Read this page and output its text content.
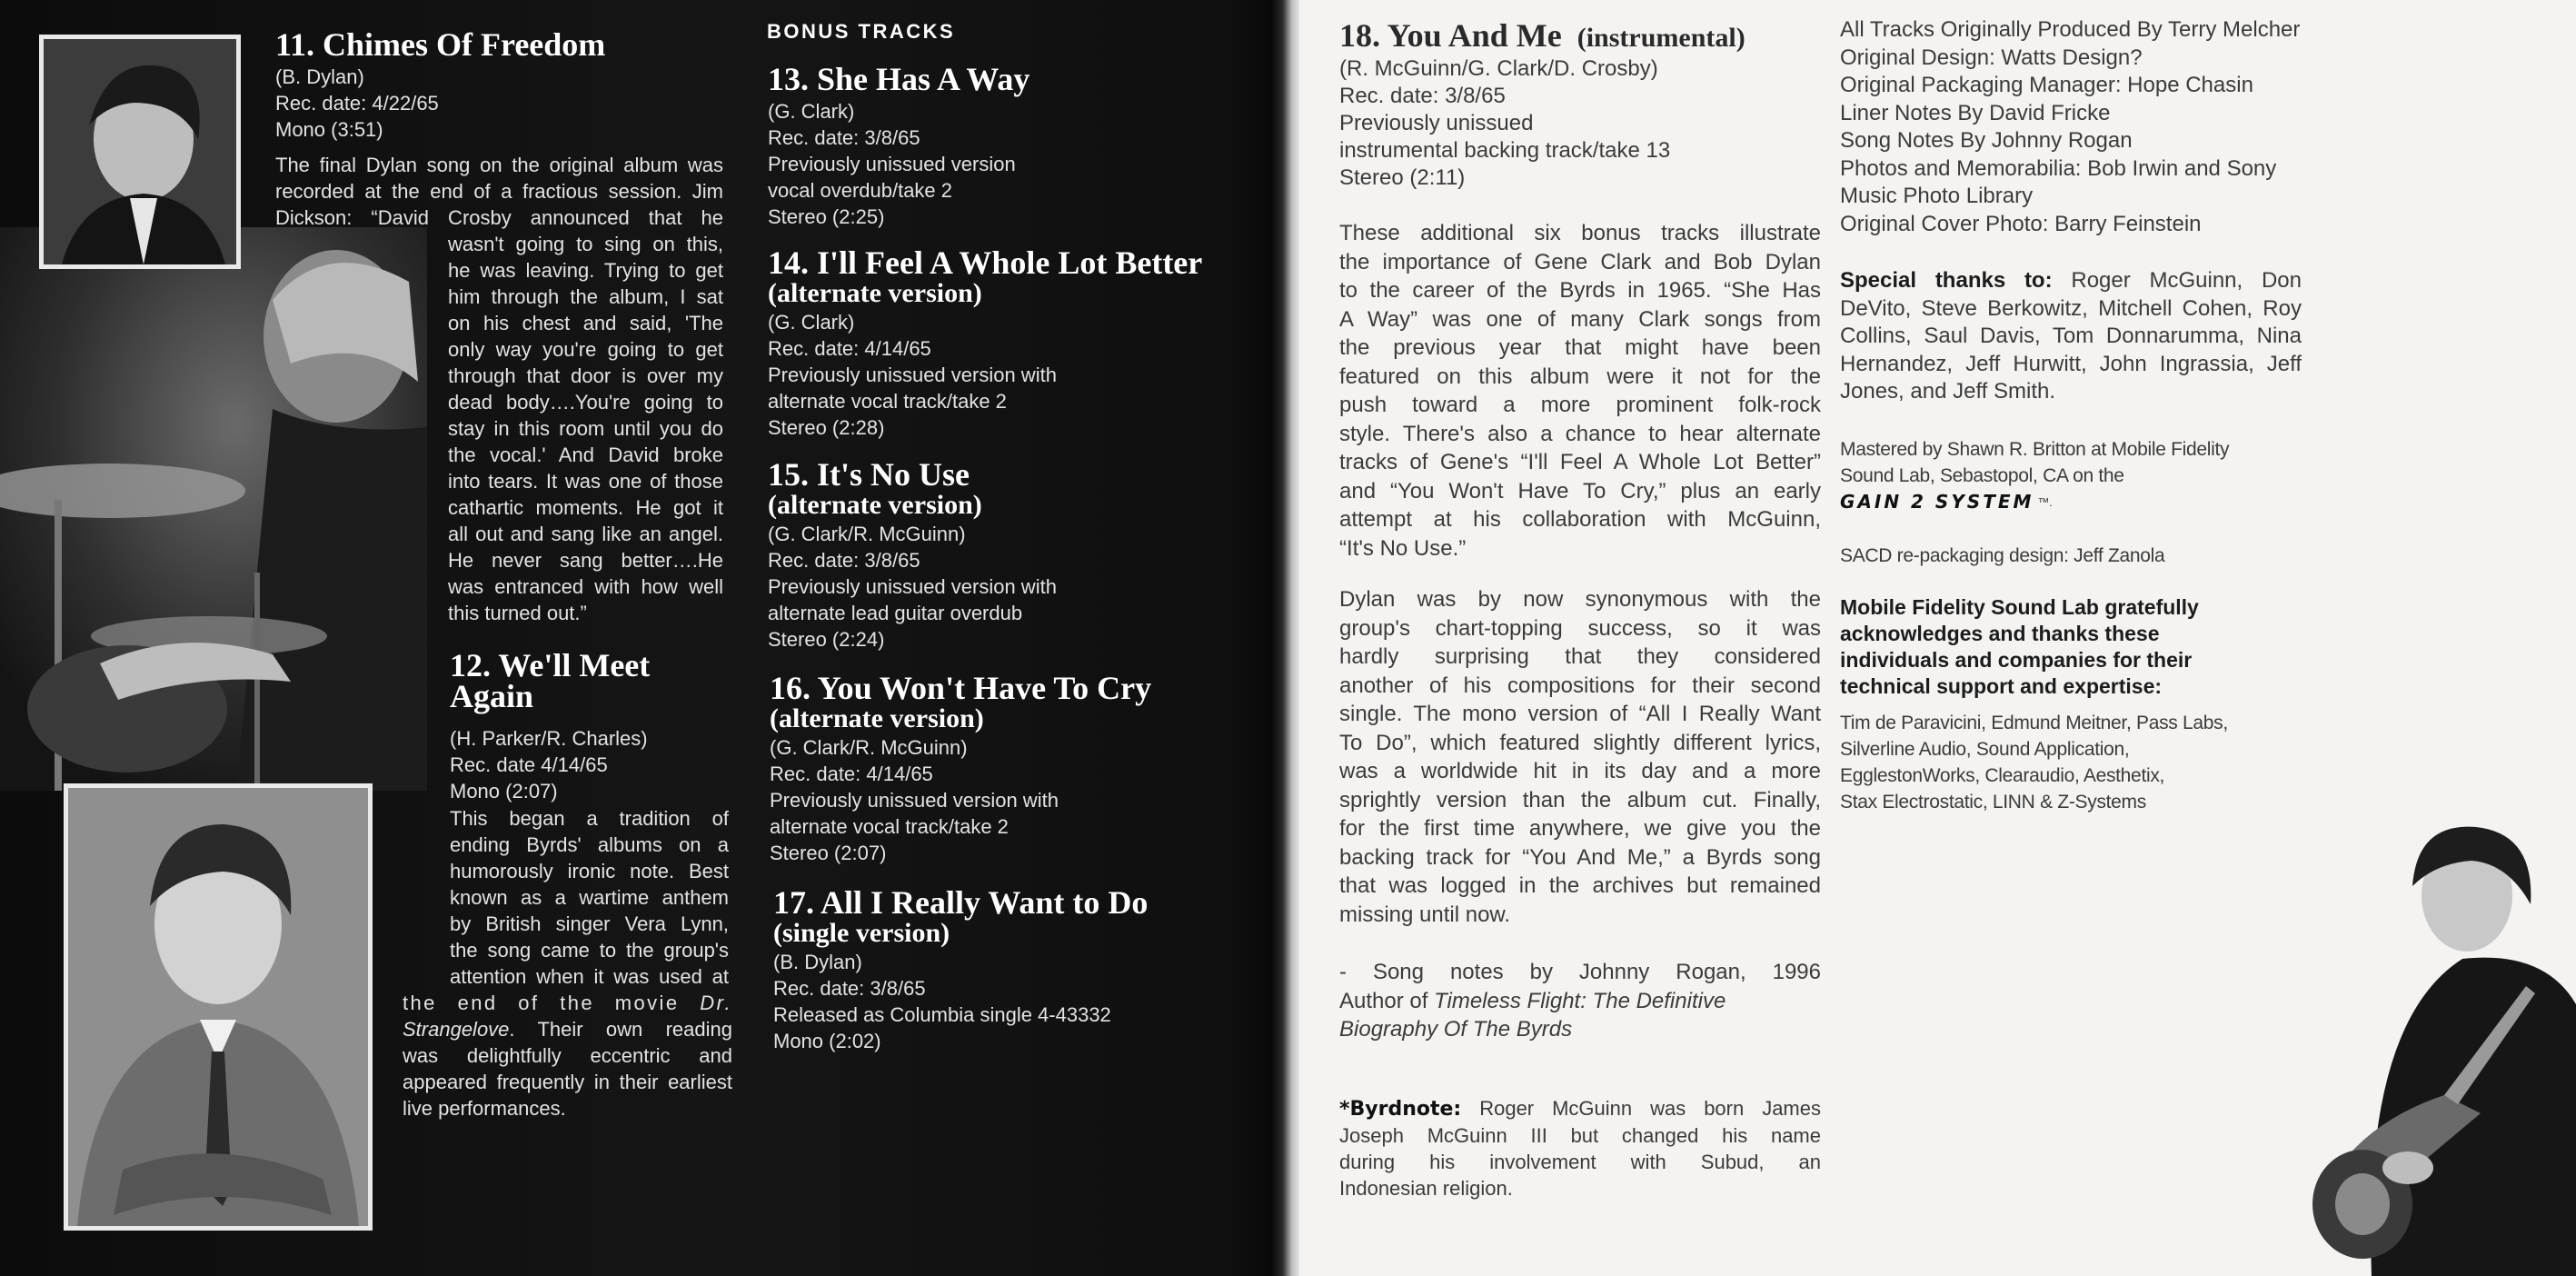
11. Chimes Of Freedom
(B. Dylan)
Rec. date: 4/22/65
Mono (3:51)
The final Dylan song on the original album was
recorded at the end of a fractious session. Jim
Dickson: “David Crosby announced that he
wasn't going to sing on this,
he was leaving. Trying to get
him through the album, I sat
on his chest and said, 'The
only way you're going to get
through that door is over my
dead body….You're going to
stay in this room until you do
the vocal.' And David broke
into tears. It was one of those
cathartic moments. He got it
all out and sang like an angel.
He never sang better….He
was entranced with how well
this turned out.”
12. We'll Meet
Again
(H. Parker/R. Charles)
Rec. date 4/14/65
Mono (2:07)
This began a tradition of
ending Byrds' albums on a
humorously ironic note. Best
known as a wartime anthem
by British singer Vera Lynn,
the song came to the group's
attention when it was used at
the end of the movie Dr.
Strangelove. Their own reading
was delightfully eccentric and
appeared frequently in their earliest
live performances.
BONUS TRACKS
13. She Has A Way
(G. Clark)
Rec. date: 3/8/65
Previously unissued version
vocal overdub/take 2
Stereo (2:25)
14. I'll Feel A Whole Lot Better
(alternate version)
(G. Clark)
Rec. date: 4/14/65
Previously unissued version with
alternate vocal track/take 2
Stereo (2:28)
15. It's No Use
(alternate version)
(G. Clark/R. McGuinn)
Rec. date: 3/8/65
Previously unissued version with
alternate lead guitar overdub
Stereo (2:24)
16. You Won't Have To Cry
(alternate version)
(G. Clark/R. McGuinn)
Rec. date: 4/14/65
Previously unissued version with
alternate vocal track/take 2
Stereo (2:07)
17. All I Really Want to Do
(single version)
(B. Dylan)
Rec. date: 3/8/65
Released as Columbia single 4-43332
Mono (2:02)
18. You And Me (instrumental)
(R. McGuinn/G. Clark/D. Crosby)
Rec. date: 3/8/65
Previously unissued
instrumental backing track/take 13
Stereo (2:11)
These additional six bonus tracks illustrate
the importance of Gene Clark and Bob Dylan
to the career of the Byrds in 1965. “She Has
A Way” was one of many Clark songs from
the previous year that might have been
featured on this album were it not for the
push toward a more prominent folk-rock
style. There's also a chance to hear alternate
tracks of Gene's “I'll Feel A Whole Lot Better”
and “You Won't Have To Cry,” plus an early
attempt at his collaboration with McGuinn,
“It's No Use.”
Dylan was by now synonymous with the
group's chart-topping success, so it was
hardly surprising that they considered
another of his compositions for their second
single. The mono version of “All I Really Want
To Do”, which featured slightly different lyrics,
was a worldwide hit in its day and a more
sprightly version than the album cut. Finally,
for the first time anywhere, we give you the
backing track for “You And Me,” a Byrds song
that was logged in the archives but remained
missing until now.
- Song notes by Johnny Rogan, 1996
Author of Timeless Flight: The Definitive
Biography Of The Byrds
*Byrdnote: Roger McGuinn was born James
Joseph McGuinn III but changed his name
during his involvement with Subud, an
Indonesian religion.
All Tracks Originally Produced By Terry Melcher
Original Design: Watts Design?
Original Packaging Manager: Hope Chasin
Liner Notes By David Fricke
Song Notes By Johnny Rogan
Photos and Memorabilia: Bob Irwin and Sony
Music Photo Library
Original Cover Photo: Barry Feinstein
Special thanks to: Roger McGuinn, Don
DeVito, Steve Berkowitz, Mitchell Cohen, Roy
Collins, Saul Davis, Tom Donnarumma, Nina
Hernandez, Jeff Hurwitt, John Ingrassia, Jeff
Jones, and Jeff Smith.
Mastered by Shawn R. Britton at Mobile Fidelity
Sound Lab, Sebastopol, CA on the
GAIN 2 SYSTEM ™.
SACD re-packaging design: Jeff Zanola
Mobile Fidelity Sound Lab gratefully
acknowledges and thanks these
individuals and companies for their
technical support and expertise:
Tim de Paravicini, Edmund Meitner, Pass Labs,
Silverline Audio, Sound Application,
EgglestonWorks, Clearaudio, Aesthetix,
Stax Electrostatic, LINN & Z-Systems
